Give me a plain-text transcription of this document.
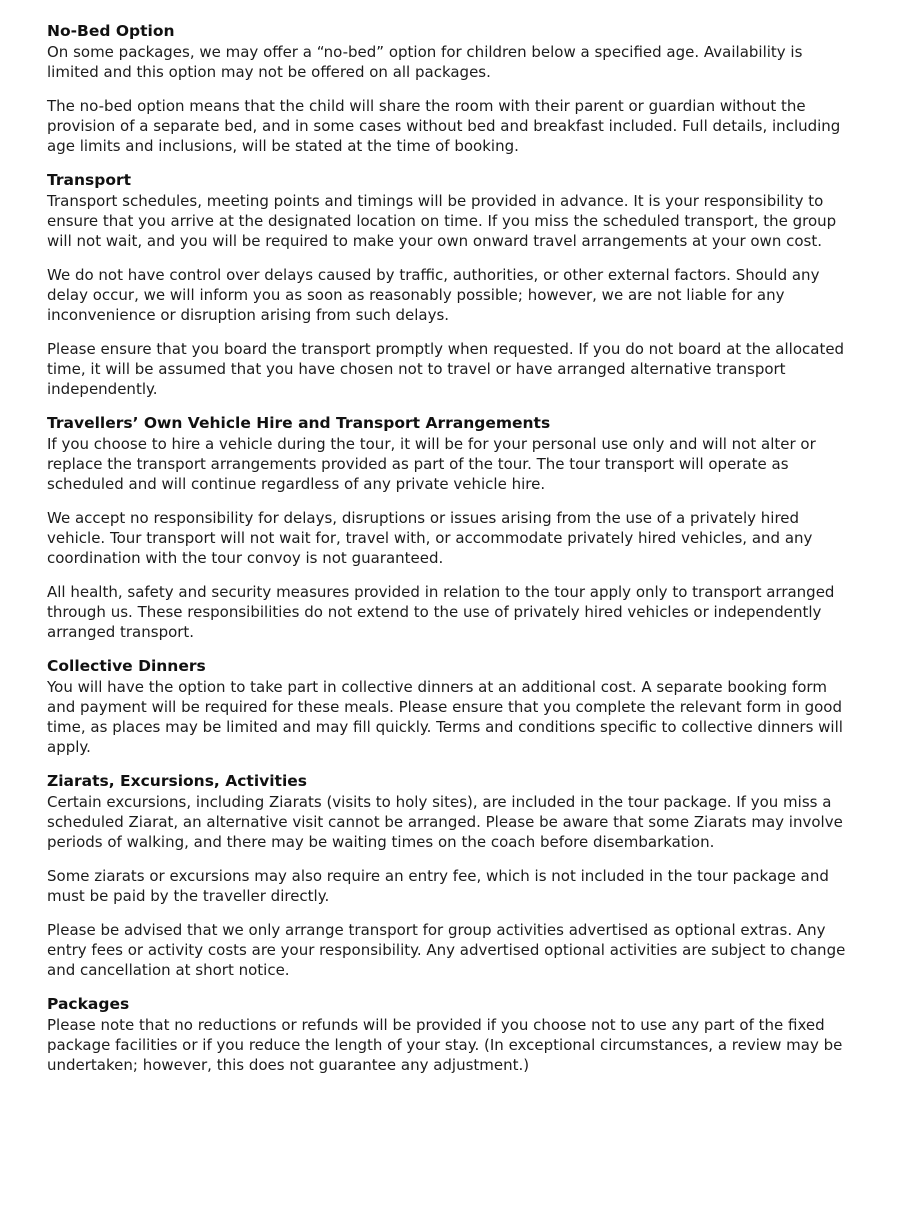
No-Bed Option

On some packages, we may offer a “no-bed” option for children below a specified age. Availability is limited and this option may not be offered on all packages.

The no-bed option means that the child will share the room with their parent or guardian without the provision of a separate bed, and in some cases without bed and breakfast included. Full details, including age limits and inclusions, will be stated at the time of booking.

Transport

Transport schedules, meeting points and timings will be provided in advance. It is your responsibility to ensure that you arrive at the designated location on time. If you miss the scheduled transport, the group will not wait, and you will be required to make your own onward travel arrangements at your own cost.

We do not have control over delays caused by traffic, authorities, or other external factors. Should any delay occur, we will inform you as soon as reasonably possible; however, we are not liable for any inconvenience or disruption arising from such delays.

Please ensure that you board the transport promptly when requested. If you do not board at the allocated time, it will be assumed that you have chosen not to travel or have arranged alternative transport independently.

Travellers’ Own Vehicle Hire and Transport Arrangements

If you choose to hire a vehicle during the tour, it will be for your personal use only and will not alter or replace the transport arrangements provided as part of the tour. The tour transport will operate as scheduled and will continue regardless of any private vehicle hire.

We accept no responsibility for delays, disruptions or issues arising from the use of a privately hired vehicle. Tour transport will not wait for, travel with, or accommodate privately hired vehicles, and any coordination with the tour convoy is not guaranteed.

All health, safety and security measures provided in relation to the tour apply only to transport arranged through us. These responsibilities do not extend to the use of privately hired vehicles or independently arranged transport.

Collective Dinners

You will have the option to take part in collective dinners at an additional cost. A separate booking form and payment will be required for these meals. Please ensure that you complete the relevant form in good time, as places may be limited and may fill quickly. Terms and conditions specific to collective dinners will apply.

Ziarats, Excursions, Activities

Certain excursions, including Ziarats (visits to holy sites), are included in the tour package. If you miss a scheduled Ziarat, an alternative visit cannot be arranged. Please be aware that some Ziarats may involve periods of walking, and there may be waiting times on the coach before disembarkation.

Some ziarats or excursions may also require an entry fee, which is not included in the tour package and must be paid by the traveller directly.

Please be advised that we only arrange transport for group activities advertised as optional extras. Any entry fees or activity costs are your responsibility. Any advertised optional activities are subject to change and cancellation at short notice.

Packages

Please note that no reductions or refunds will be provided if you choose not to use any part of the fixed package facilities or if you reduce the length of your stay. (In exceptional circumstances, a review may be undertaken; however, this does not guarantee any adjustment.)
